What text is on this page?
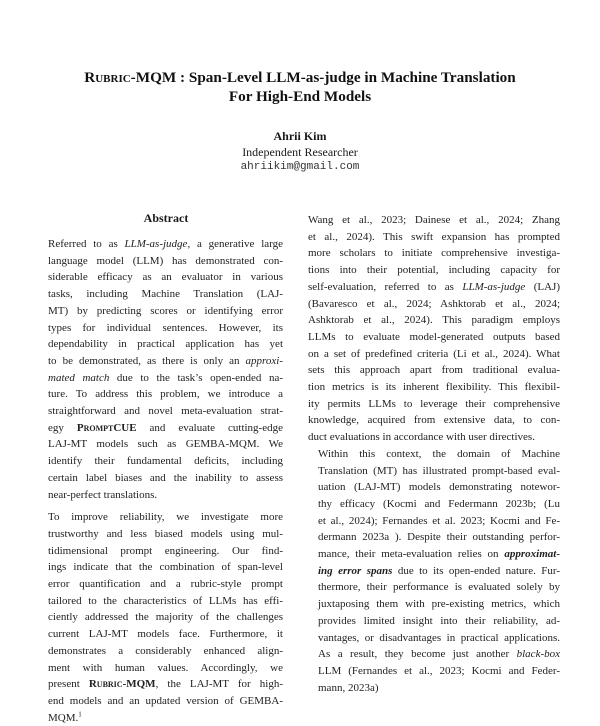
Rubric-MQM : Span-Level LLM-as-judge in Machine Translation
For High-End Models
Ahrii Kim
Independent Researcher
ahriikim@gmail.com
Abstract

Referred to as LLM-as-judge, a generative large
language model (LLM) has demonstrated con-
siderable efficacy as an evaluator in various
tasks, including Machine Translation (LAJ-
MT) by predicting scores or identifying error
types for individual sentences. However, its
dependability in practical application has yet
to be demonstrated, as there is only an approxi-
mated match due to the task’s open-ended na-
ture. To address this problem, we introduce a
straightforward and novel meta-evaluation strat-
egy PromptCUE and evaluate cutting-edge
LAJ-MT models such as GEMBA-MQM. We
identify their fundamental deficits, including
certain label biases and the inability to assess
near-perfect translations.

To improve reliability, we investigate more
trustworthy and less biased models using mul-
tidimensional prompt engineering. Our find-
ings indicate that the combination of span-level
error quantification and a rubric-style prompt
tailored to the characteristics of LLMs has effi-
ciently addressed the majority of the challenges
current LAJ-MT models face. Furthermore, it
demonstrates a considerably enhanced align-
ment with human values. Accordingly, we
present Rubric-MQM, the LAJ-MT for high-
end models and an updated version of GEMBA-
MQM.$^1$

Wang et al., 2023; Dainese et al., 2024; Zhang
et al., 2024). This swift expansion has prompted
more scholars to initiate comprehensive investiga-
tions into their potential, including capacity for
self-evaluation, referred to as LLM-as-judge (LAJ)
(Bavaresco et al., 2024; Ashktorab et al., 2024;
Ashktorab et al., 2024). This paradigm employs
LLMs to evaluate model-generated outputs based
on a set of predefined criteria (Li et al., 2024). What
sets this approach apart from traditional evalua-
tion metrics is its inherent flexibility. This flexibil-
ity permits LLMs to leverage their comprehensive
knowledge, acquired from extensive data, to con-
duct evaluations in accordance with user directives.

Within this context, the domain of Machine
Translation (MT) has illustrated prompt-based eval-
uation (LAJ-MT) models demonstrating notewor-
thy efficacy (Kocmi and Federmann 2023b; (Lu
et al., 2024); Fernandes et al. 2023; Kocmi and Fe-
dermann 2023a ). Despite their outstanding perfor-
mance, their meta-evaluation relies on approximat-
ing error spans due to its open-ended nature. Fur-
thermore, their performance is evaluated solely by
juxtaposing them with pre-existing metrics, which
provides limited insight into their reliability, ad-
vantages, or disadvantages in practical applications.
As a result, they become just another black-box
LLM (Fernandes et al., 2023; Kocmi and Feder-
mann, 2023a)
